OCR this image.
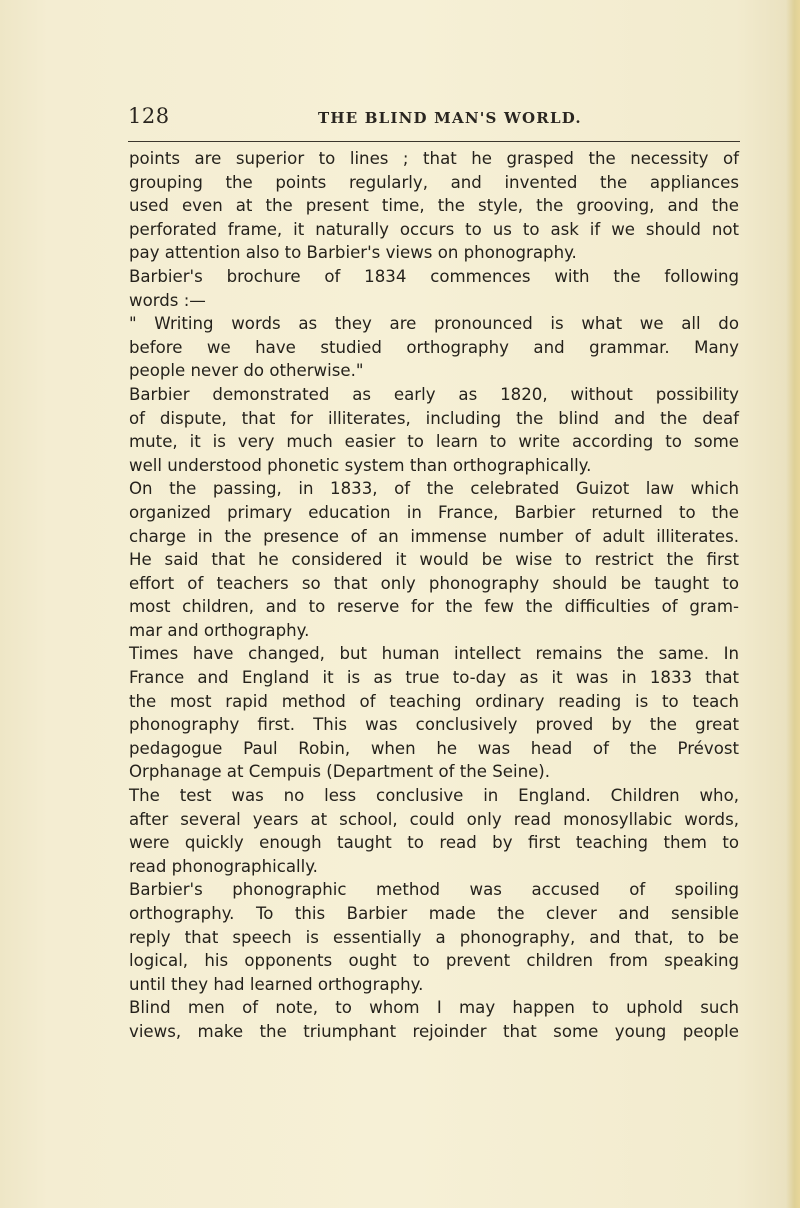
128	THE BLIND MAN'S WORLD.
points are superior to lines ; that he grasped the necessity of
grouping the points regularly, and invented the appliances
used even at the present time, the style, the grooving, and the
perforated frame, it naturally occurs to us to ask if we should not
pay attention also to Barbier's views on phonography.
Barbier's brochure of 1834 commences with the following
words :—
" Writing words as they are pronounced is what we all do
before we have studied orthography and grammar. Many
people never do otherwise."
Barbier demonstrated as early as 1820, without possibility
of dispute, that for illiterates, including the blind and the deaf
mute, it is very much easier to learn to write according to some
well understood phonetic system than orthographically.
On the passing, in 1833, of the celebrated Guizot law which
organized primary education in France, Barbier returned to the
charge in the presence of an immense number of adult illiterates.
He said that he considered it would be wise to restrict the first
effort of teachers so that only phonography should be taught to
most children, and to reserve for the few the difficulties of gram-
mar and orthography.
Times have changed, but human intellect remains the same. In
France and England it is as true to-day as it was in 1833 that
the most rapid method of teaching ordinary reading is to teach
phonography first. This was conclusively proved by the great
pedagogue Paul Robin, when he was head of the Prévost
Orphanage at Cempuis (Department of the Seine).
The test was no less conclusive in England. Children who,
after several years at school, could only read monosyllabic words,
were quickly enough taught to read by first teaching them to
read phonographically.
Barbier's phonographic method was accused of spoiling
orthography. To this Barbier made the clever and sensible
reply that speech is essentially a phonography, and that, to be
logical, his opponents ought to prevent children from speaking
until they had learned orthography.
Blind men of note, to whom I may happen to uphold such
views, make the triumphant rejoinder that some young people
